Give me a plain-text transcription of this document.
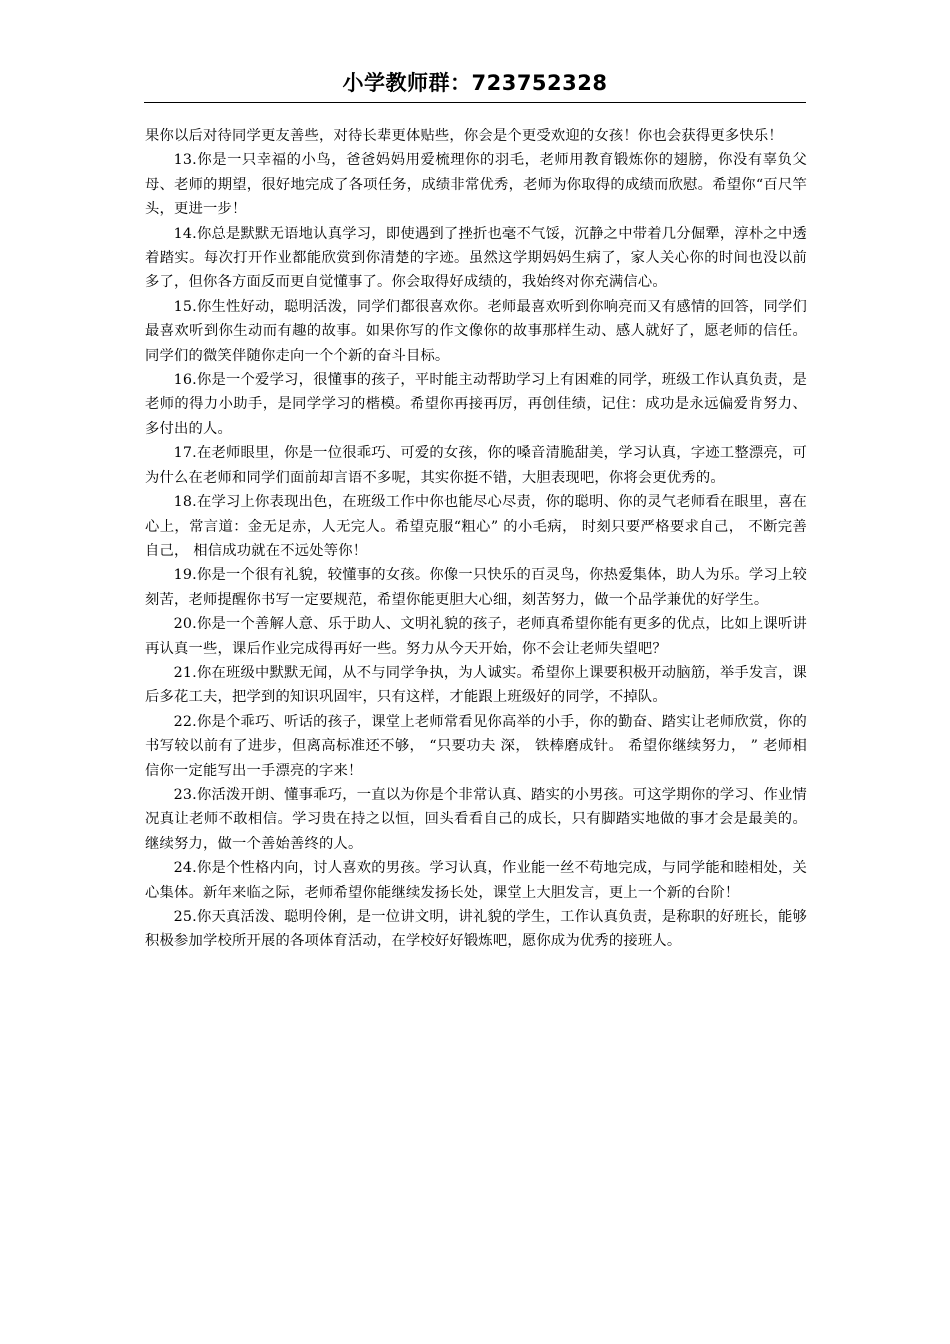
小学教师群：723752328

果你以后对待同学更友善些，对待长辈更体贴些，你会是个更受欢迎的女孩！你也会获得更多快乐！

13.你是一只幸福的小鸟，爸爸妈妈用爱梳理你的羽毛，老师用教育锻炼你的翅膀，你没有辜负父母、老师的期望，很好地完成了各项任务，成绩非常优秀，老师为你取得的成绩而欣慰。希望你“百尺竿头，更进一步！

14.你总是默默无语地认真学习，即使遇到了挫折也毫不气馁，沉静之中带着几分倔犟，淳朴之中透着踏实。每次打开作业都能欣赏到你清楚的字迹。虽然这学期妈妈生病了，家人关心你的时间也没以前多了，但你各方面反而更自觉懂事了。你会取得好成绩的，我始终对你充满信心。

15.你生性好动，聪明活泼，同学们都很喜欢你。老师最喜欢听到你响亮而又有感情的回答，同学们最喜欢听到你生动而有趣的故事。如果你写的作文像你的故事那样生动、感人就好了，愿老师的信任。同学们的微笑伴随你走向一个个新的奋斗目标。

16.你是一个爱学习，很懂事的孩子，平时能主动帮助学习上有困难的同学，班级工作认真负责，是老师的得力小助手，是同学学习的楷模。希望你再接再厉，再创佳绩，记住：成功是永远偏爱肯努力、多付出的人。

17.在老师眼里，你是一位很乖巧、可爱的女孩，你的嗓音清脆甜美，学习认真，字迹工整漂亮，可为什么在老师和同学们面前却言语不多呢，其实你挺不错，大胆表现吧，你将会更优秀的。

18.在学习上你表现出色，在班级工作中你也能尽心尽责，你的聪明、你的灵气老师看在眼里，喜在心上，常言道：金无足赤，人无完人。希望克服“粗心” 的小毛病， 时刻只要严格要求自己， 不断完善自己， 相信成功就在不远处等你！

19.你是一个很有礼貌，较懂事的女孩。你像一只快乐的百灵鸟，你热爱集体，助人为乐。学习上较刻苦，老师提醒你书写一定要规范，希望你能更胆大心细，刻苦努力，做一个品学兼优的好学生。

20.你是一个善解人意、乐于助人、文明礼貌的孩子，老师真希望你能有更多的优点，比如上课听讲再认真一些，课后作业完成得再好一些。努力从今天开始，你不会让老师失望吧？

21.你在班级中默默无闻，从不与同学争执，为人诚实。希望你上课要积极开动脑筋，举手发言，课后多花工夫，把学到的知识巩固牢，只有这样，才能跟上班级好的同学，不掉队。

22.你是个乖巧、听话的孩子，课堂上老师常看见你高举的小手，你的勤奋、踏实让老师欣赏，你的书写较以前有了进步，但离高标准还不够， “只要功夫 深， 铁棒磨成针。 希望你继续努力， ” 老师相信你一定能写出一手漂亮的字来！

23.你活泼开朗、懂事乖巧，一直以为你是个非常认真、踏实的小男孩。可这学期你的学习、作业情况真让老师不敢相信。学习贵在持之以恒，回头看看自己的成长，只有脚踏实地做的事才会是最美的。继续努力，做一个善始善终的人。

24.你是个性格内向，讨人喜欢的男孩。学习认真，作业能一丝不苟地完成，与同学能和睦相处，关心集体。新年来临之际，老师希望你能继续发扬长处，课堂上大胆发言，更上一个新的台阶！

25.你天真活泼、聪明伶俐，是一位讲文明，讲礼貌的学生，工作认真负责，是称职的好班长，能够积极参加学校所开展的各项体育活动，在学校好好锻炼吧，愿你成为优秀的接班人。
